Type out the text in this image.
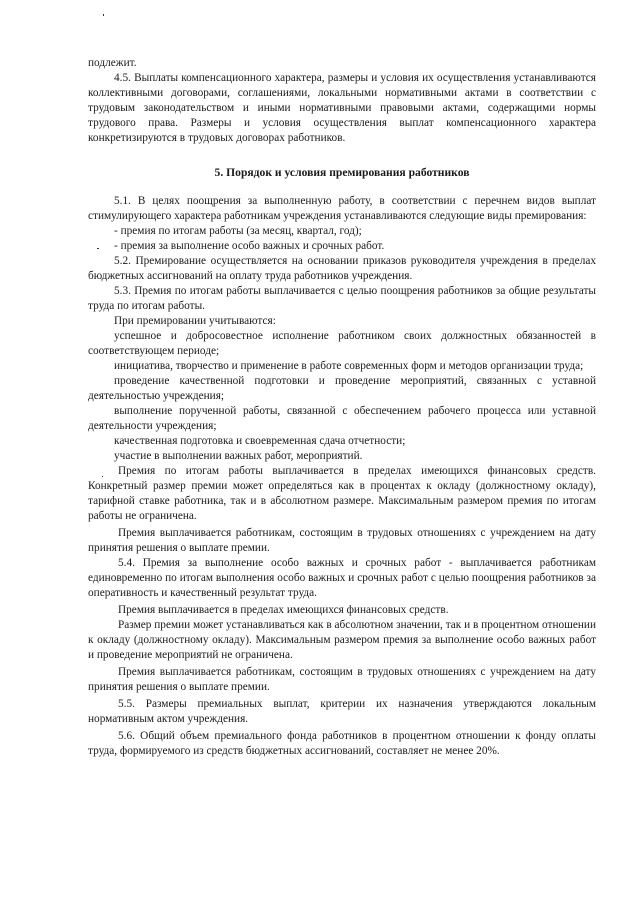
подлежит.

4.5. Выплаты компенсационного характера, размеры и условия их осуществления устанавливаются коллективными договорами, соглашениями, локальными нормативными актами в соответствии с трудовым законодательством и иными нормативными правовыми актами, содержащими нормы трудового права. Размеры и условия осуществления выплат компенсационного характера конкретизируются в трудовых договорах работников.

5. Порядок и условия премирования работников

5.1. В целях поощрения за выполненную работу, в соответствии с перечнем видов выплат стимулирующего характера работникам учреждения устанавливаются следующие виды премирования:

- премия по итогам работы (за месяц, квартал, год);

- премия за выполнение особо важных и срочных работ.

5.2. Премирование осуществляется на основании приказов руководителя учреждения в пределах бюджетных ассигнований на оплату труда работников учреждения.

5.3. Премия по итогам работы выплачивается с целью поощрения работников за общие результаты труда по итогам работы.

При премировании учитываются:

успешное и добросовестное исполнение работником своих должностных обязанностей в соответствующем периоде;

инициатива, творчество и применение в работе современных форм и методов организации труда;

проведение качественной подготовки и проведение мероприятий, связанных с уставной деятельностью учреждения;

выполнение порученной работы, связанной с обеспечением рабочего процесса или уставной деятельности учреждения;

качественная подготовка и своевременная сдача отчетности;

участие в выполнении важных работ, мероприятий.

Премия по итогам работы выплачивается в пределах имеющихся финансовых средств. Конкретный размер премии может определяться как в процентах к окладу (должностному окладу), тарифной ставке работника, так и в абсолютном размере. Максимальным размером премия по итогам работы не ограничена.

Премия выплачивается работникам, состоящим в трудовых отношениях с учреждением на дату принятия решения о выплате премии.

5.4. Премия за выполнение особо важных и срочных работ - выплачивается работникам единовременно по итогам выполнения особо важных и срочных работ с целью поощрения работников за оперативность и качественный результат труда.

Премия выплачивается в пределах имеющихся финансовых средств.

Размер премии может устанавливаться как в абсолютном значении, так и в процентном отношении к окладу (должностному окладу). Максимальным размером премия за выполнение особо важных работ и проведение мероприятий не ограничена.

Премия выплачивается работникам, состоящим в трудовых отношениях с учреждением на дату принятия решения о выплате премии.

5.5. Размеры премиальных выплат, критерии их назначения утверждаются локальным нормативным актом учреждения.

5.6. Общий объем премиального фонда работников в процентном отношении к фонду оплаты труда, формируемого из средств бюджетных ассигнований, составляет не менее 20%.
